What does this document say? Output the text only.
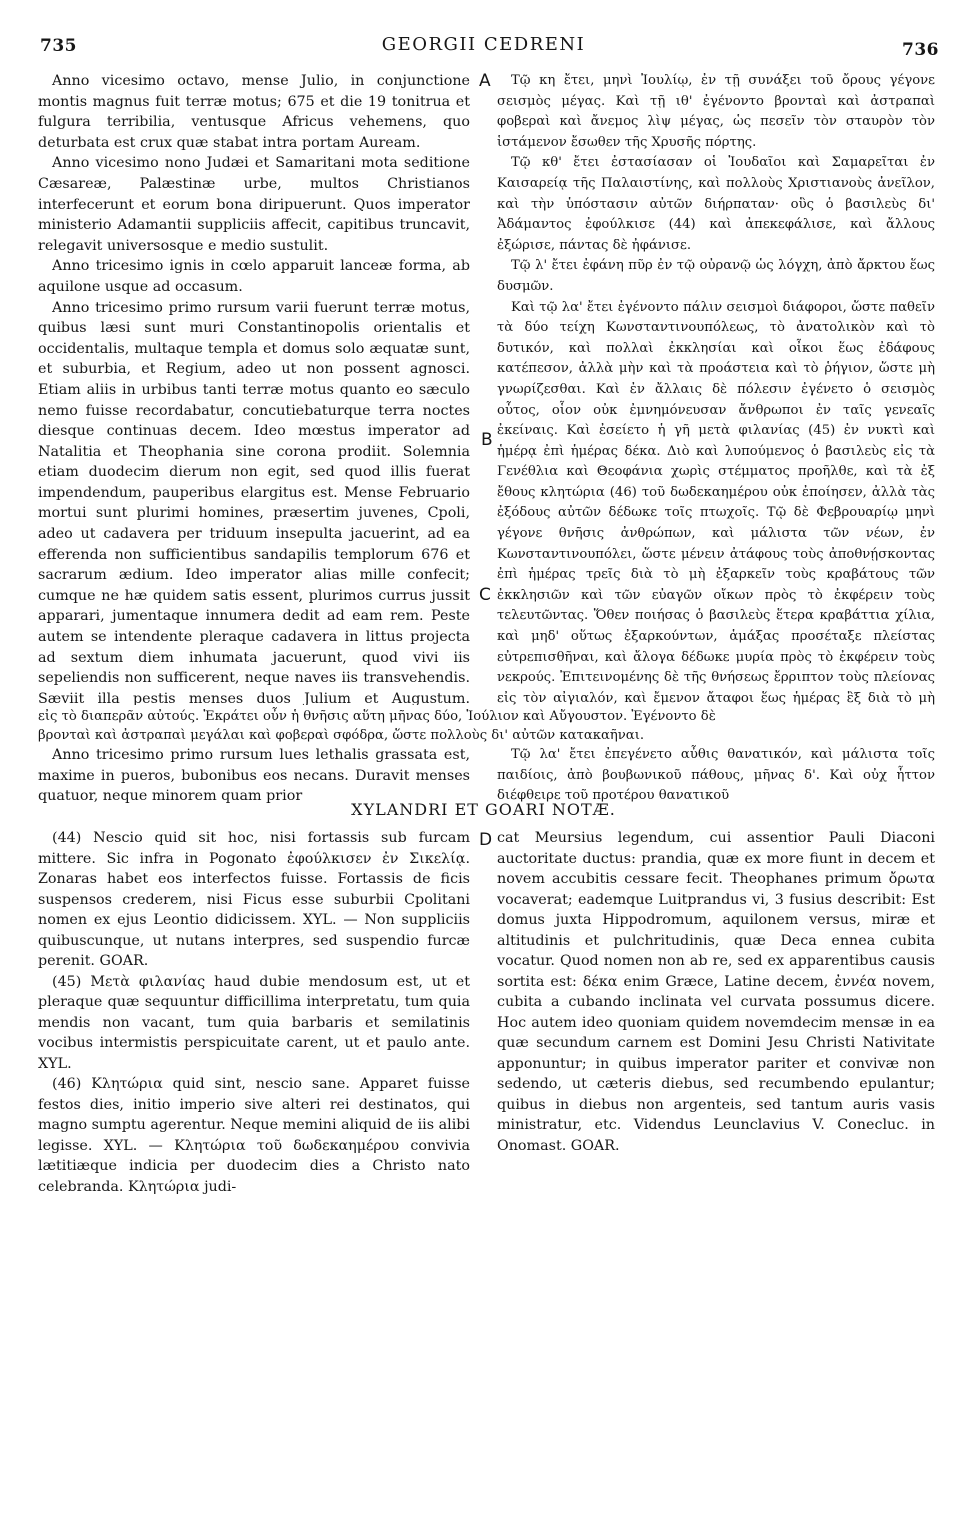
735	GEORGII CEDRENI	736
A
B
C
D

Anno vicesimo octavo, mense Julio, in conjunctione montis magnus fuit terræ motus; 675 et die 19 tonitrua et fulgura terribilia, ventusque Africus vehemens, quo deturbata est crux quæ stabat intra portam Auream.

Anno vicesimo nono Judæi et Samaritani mota seditione Cæsareæ, Palæstinæ urbe, multos Christianos interfecerunt et eorum bona diripuerunt. Quos imperator ministerio Adamantii suppliciis affecit, capitibus truncavit, relegavit universosque e medio sustulit.

Anno tricesimo ignis in cœlo apparuit lanceæ forma, ab aquilone usque ad occasum.

Anno tricesimo primo rursum varii fuerunt terræ motus, quibus læsi sunt muri Constantinopolis orientalis et occidentalis, multaque templa et domus solo æquatæ sunt, et suburbia, et Regium, adeo ut non possent agnosci. Etiam aliis in urbibus tanti terræ motus quanto eo sæculo nemo fuisse recordabatur, concutiebaturque terra noctes diesque continuas decem. Ideo mœstus imperator ad Natalitia et Theophania sine corona prodiit. Solemnia etiam duodecim dierum non egit, sed quod illis fuerat impendendum, pauperibus elargitus est. Mense Februario mortui sunt plurimi homines, præsertim juvenes, Cpoli, adeo ut cadavera per triduum insepulta jacuerint, ad ea efferenda non sufficientibus sandapilis templorum 676 et sacrarum ædium. Ideo imperator alias mille confecit; cumque ne hæ quidem satis essent, plurimos currus jussit apparari, jumentaque innumera dedit ad eam rem. Peste autem se intendente pleraque cadavera in littus projecta ad sextum diem inhumata jacuerunt, quod vivi iis sepeliendis non sufficerent, neque naves iis transvehendis. Sæviit illa pestis menses duos Julium et Augustum.

Τῷ κη ἔτει, μηνὶ Ἰουλίῳ, ἐν τῇ συνάξει τοῦ ὄρους γέγονε σεισμὸς μέγας. Καὶ τῇ ιθ' ἐγένοντο βρονταὶ καὶ ἀστραπαὶ φοβεραὶ καὶ ἄνεμος λὶψ μέγας, ὡς πεσεῖν τὸν σταυρὸν τὸν ἱστάμενον ἔσωθεν τῆς Χρυσῆς πόρτης.

Τῷ κθ' ἔτει ἐστασίασαν οἱ Ἰουδαῖοι καὶ Σαμαρεῖται ἐν Καισαρείᾳ τῆς Παλαιστίνης, καὶ πολλοὺς Χριστιανοὺς ἀνεῖλον, καὶ τὴν ὑπόστασιν αὐτῶν διήρπαταν· οὓς ὁ βασιλεὺς δι' Ἀδάμαντος ἐφούλκισε (44) καὶ ἀπεκεφάλισε, καὶ ἄλλους ἐξώρισε, πάντας δὲ ἠφάνισε.

Τῷ λ' ἔτει ἐφάνη πῦρ ἐν τῷ οὐρανῷ ὡς λόγχη, ἀπὸ ἄρκτου ἕως δυσμῶν.

Καὶ τῷ λα' ἔτει ἐγένοντο πάλιν σεισμοὶ διάφοροι, ὥστε παθεῖν τὰ δύο τείχη Κωνσταντινουπόλεως, τὸ ἀνατολικὸν καὶ τὸ δυτικόν, καὶ πολλαὶ ἐκκλησίαι καὶ οἶκοι ἕως ἐδάφους κατέπεσον, ἀλλὰ μὴν καὶ τὰ προάστεια καὶ τὸ ῥήγιον, ὥστε μὴ γνωρίζεσθαι. Καὶ ἐν ἄλλαις δὲ πόλεσιν ἐγένετο ὁ σεισμὸς οὗτος, οἷον οὐκ ἐμνημόνευσαν ἄνθρωποι ἐν ταῖς γενεαῖς ἐκείναις. Καὶ ἐσείετο ἡ γῆ μετὰ φιλανίας (45) ἐν νυκτὶ καὶ ἡμέρᾳ ἐπὶ ἡμέρας δέκα. Διὸ καὶ λυπούμενος ὁ βασιλεὺς εἰς τὰ Γενέθλια καὶ Θεοφάνια χωρὶς στέμματος προῆλθε, καὶ τὰ ἐξ ἔθους κλητώρια (46) τοῦ δωδεκαημέρου οὐκ ἐποίησεν, ἀλλὰ τὰς ἐξόδους αὐτῶν δέδωκε τοῖς πτωχοῖς. Τῷ δὲ Φεβρουαρίῳ μηνὶ γέγονε θνῆσις ἀνθρώπων, καὶ μάλιστα τῶν νέων, ἐν Κωνσταντινουπόλει, ὥστε μένειν ἀτάφους τοὺς ἀποθνῄσκοντας ἐπὶ ἡμέρας τρεῖς διὰ τὸ μὴ ἐξαρκεῖν τοὺς κραβάτους τῶν ἐκκλησιῶν καὶ τῶν εὐαγῶν οἴκων πρὸς τὸ ἐκφέρειν τοὺς τελευτῶντας. Ὅθεν ποιήσας ὁ βασιλεὺς ἕτερα κραβάττια χίλια, καὶ μηδ' οὕτως ἐξαρκούντων, ἁμάξας προσέταξε πλείστας εὐτρεπισθῆναι, καὶ ἄλογα δέδωκε μυρία πρὸς τὸ ἐκφέρειν τοὺς νεκρούς. Ἐπιτεινομένης δὲ τῆς θνήσεως ἔρριπτον τοὺς πλείονας εἰς τὸν αἰγιαλόν, καὶ ἔμενον ἄταφοι ἕως ἡμέρας ἓξ διὰ τὸ μὴ

εἰς τὸ διαπερᾶν αὐτούς. Ἐκράτει οὖν ἡ θνῆσις αὕτη μῆνας δύο, Ἰούλιον καὶ Αὔγουστον. Ἐγένοντο δὲ
βρονταὶ καὶ ἀστραπαὶ μεγάλαι καὶ φοβεραὶ σφόδρα, ὥστε πολλοὺς δι' αὐτῶν κατακαῆναι.

Anno tricesimo primo rursum lues lethalis grassata est, maxime in pueros, bubonibus eos necans. Duravit menses quatuor, neque minorem quam prior

Τῷ λα' ἔτει ἐπεγένετο αὖθις θανατικόν, καὶ μάλιστα τοῖς παιδίοις, ἀπὸ βουβωνικοῦ πάθους, μῆνας δ'. Καὶ οὐχ ἧττον διέφθειρε τοῦ προτέρου θανατικοῦ

XYLANDRI ET GOARI NOTÆ.

(44) Nescio quid sit hoc, nisi fortassis sub furcam mittere. Sic infra in Pogonato ἐφούλκισεν ἐν Σικελίᾳ. Zonaras habet eos interfectos fuisse. Fortassis de ficis suspensos crederem, nisi Ficus esse suburbii Cpolitani nomen ex ejus Leontio didicissem. XYL. — Non suppliciis quibuscunque, ut nutans interpres, sed suspendio furcæ perenit. GOAR.

(45) Μετὰ φιλανίας haud dubie mendosum est, ut et pleraque quæ sequuntur difficillima interpretatu, tum quia mendis non vacant, tum quia barbaris et semilatinis vocibus intermistis perspicuitate carent, ut et paulo ante. XYL.

(46) Κλητώρια quid sint, nescio sane. Apparet fuisse festos dies, initio imperio sive alteri rei destinatos, qui magno sumptu agerentur. Neque memini aliquid de iis alibi legisse. XYL. — Κλητώρια τοῦ δωδεκαημέρου convivia lætitiæque indicia per duodecim dies a Christo nato celebranda. Κλητώρια judi-

cat Meursius legendum, cui assentior Pauli Diaconi auctoritate ductus: prandia, quæ ex more fiunt in decem et novem accubitis cessare fecit. Theophanes primum ὄρωτα vocaverat; eademque Luitprandus vi, 3 fusius describit: Est domus juxta Hippodromum, aquilonem versus, miræ et altitudinis et pulchritudinis, quæ Deca ennea cubita vocatur. Quod nomen non ab re, sed ex apparentibus causis sortita est: δέκα enim Græce, Latine decem, ἐννέα novem, cubita a cubando inclinata vel curvata possumus dicere. Hoc autem ideo quoniam quidem novemdecim mensæ in ea quæ secundum carnem est Domini Jesu Christi Nativitate apponuntur; in quibus imperator pariter et convivæ non sedendo, ut cæteris diebus, sed recumbendo epulantur; quibus in diebus non argenteis, sed tantum auris vasis ministratur, etc. Videndus Leunclavius V. Conecluc. in Onomast. GOAR.
